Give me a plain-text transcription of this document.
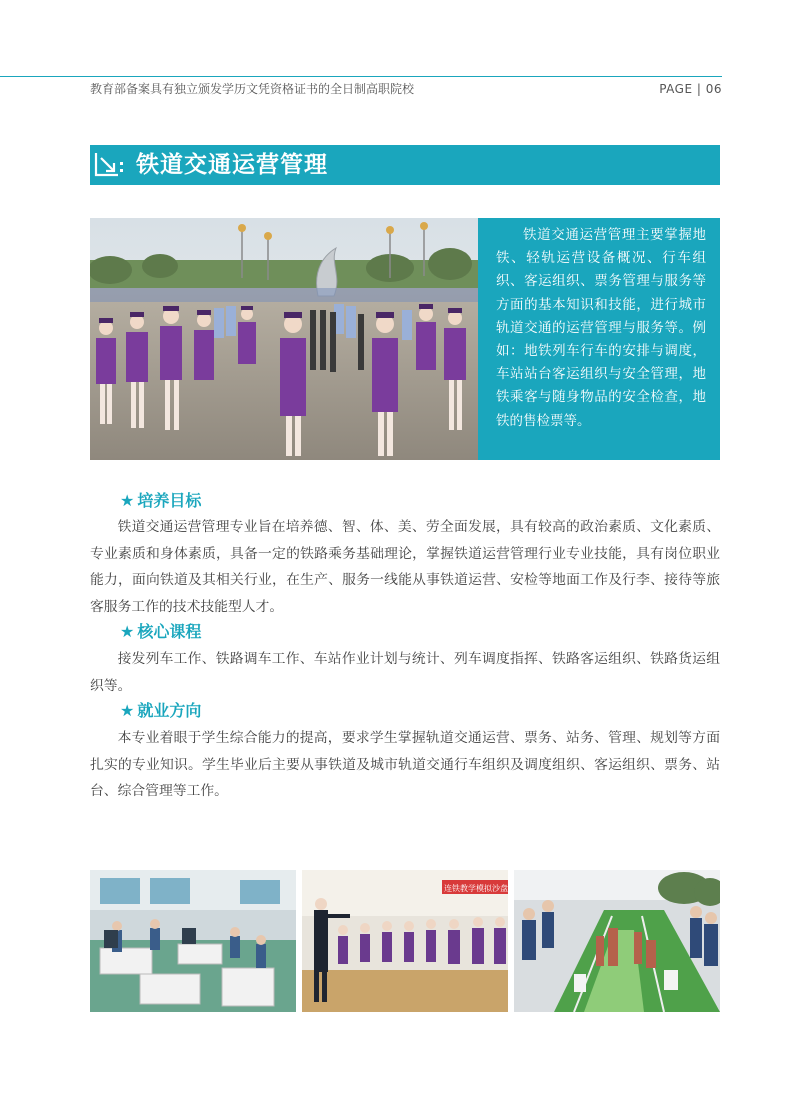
教育部备案具有独立颁发学历文凭资格证书的全日制高职院校	PAGE | 06
铁道交通运营管理

铁道交通运营管理主要掌握地铁、轻轨运营设备概况、行车组织、客运组织、票务管理与服务等方面的基本知识和技能，进行城市轨道交通的运营管理与服务等。例如：地铁列车行车的安排与调度，车站站台客运组织与安全管理，地铁乘客与随身物品的安全检查，地铁的售检票等。

★ 培养目标

铁道交通运营管理专业旨在培养德、智、体、美、劳全面发展，具有较高的政治素质、文化素质、专业素质和身体素质，具备一定的铁路乘务基础理论，掌握铁道运营管理行业专业技能，具有岗位职业能力，面向铁道及其相关行业，在生产、服务一线能从事铁道运营、安检等地面工作及行李、接待等旅客服务工作的技术技能型人才。

★ 核心课程

接发列车工作、铁路调车工作、车站作业计划与统计、列车调度指挥、铁路客运组织、铁路货运组织等。

★ 就业方向

本专业着眼于学生综合能力的提高，要求学生掌握轨道交通运营、票务、站务、管理、规划等方面扎实的专业知识。学生毕业后主要从事铁道及城市轨道交通行车组织及调度组织、客运组织、票务、站台、综合管理等工作。

连铁教学模拟沙盘
